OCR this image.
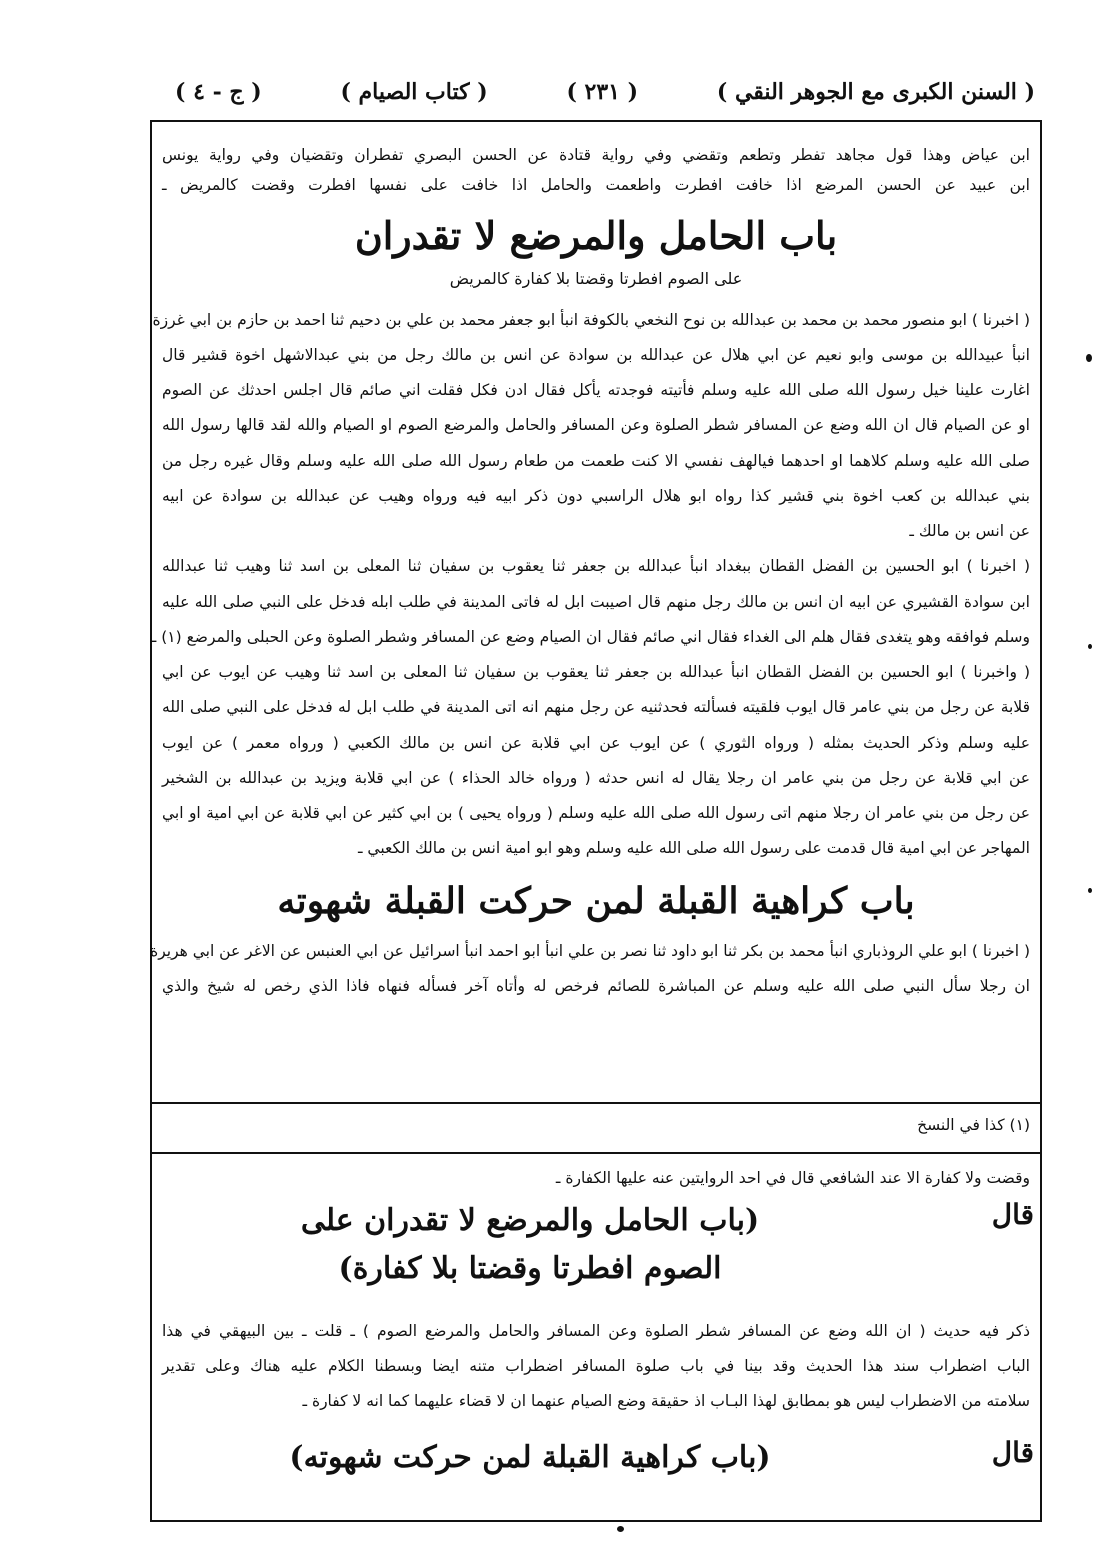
( السنن الكبرى مع الجوهر النقي )
( ٢٣١ )
( كتاب الصيام )
( ج - ٤ )
ابن عياض وهذا قول مجاهد تفطر وتطعم وتقضي وفي رواية قتادة عن الحسن البصري تفطران وتقضيان وفي رواية يونس
ابن عبيد عن الحسن المرضع اذا خافت افطرت واطعمت والحامل اذا خافت على نفسها افطرت وقضت كالمريض ـ
باب الحامل والمرضع لا تقدران
على الصوم افطرتا وقضتا بلا كفارة كالمريض
( اخبرنا ) ابو منصور محمد بن محمد بن عبدالله بن نوح النخعي بالكوفة انبأ ابو جعفر محمد بن علي بن دحيم ثنا احمد بن حازم بن ابي غرزة
انبأ عبيدالله بن موسى وابو نعيم عن ابي هلال عن عبدالله بن سوادة عن انس بن مالك رجل من بني عبدالاشهل اخوة قشير قال
اغارت علينا خيل رسول الله صلى الله عليه وسلم فأتيته فوجدته يأكل فقال ادن فكل فقلت اني صائم قال اجلس احدثك عن الصوم
او عن الصيام قال ان الله وضع عن المسافر شطر الصلوة وعن المسافر والحامل والمرضع الصوم او الصيام والله لقد قالها رسول الله
صلى الله عليه وسلم كلاهما او احدهما فيالهف نفسي الا كنت طعمت من طعام رسول الله صلى الله عليه وسلم وقال غيره رجل من
بني عبدالله بن كعب اخوة بني قشير كذا رواه ابو هلال الراسبي دون ذكر ابيه فيه ورواه وهيب عن عبدالله بن سوادة عن ابيه
عن انس بن مالك ـ
( اخبرنا ) ابو الحسين بن الفضل القطان ببغداد انبأ عبدالله بن جعفر ثنا يعقوب بن سفيان ثنا المعلى بن اسد ثنا وهيب ثنا عبدالله
ابن سوادة القشيري عن ابيه ان انس بن مالك رجل منهم قال اصيبت ابل له فاتى المدينة في طلب ابله فدخل على النبي صلى الله عليه
وسلم فوافقه وهو يتغدى فقال هلم الى الغداء فقال اني صائم فقال ان الصيام وضع عن المسافر وشطر الصلوة وعن الحبلى والمرضع (١) ـ
( واخبرنا ) ابو الحسين بن الفضل القطان انبأ عبدالله بن جعفر ثنا يعقوب بن سفيان ثنا المعلى بن اسد ثنا وهيب عن ايوب عن ابي
قلابة عن رجل من بني عامر قال ايوب فلقيته فسألته فحدثنيه عن رجل منهم انه اتى المدينة في طلب ابل له فدخل على النبي صلى الله
عليه وسلم وذكر الحديث بمثله ( ورواه الثوري ) عن ايوب عن ابي قلابة عن انس بن مالك الكعبي ( ورواه معمر ) عن ايوب
عن ابي قلابة عن رجل من بني عامر ان رجلا يقال له انس حدثه ( ورواه خالد الحذاء ) عن ابي قلابة ويزيد بن عبدالله بن الشخير
عن رجل من بني عامر ان رجلا منهم اتى رسول الله صلى الله عليه وسلم ( ورواه يحيى ) بن ابي كثير عن ابي قلابة عن ابي امية او ابي
المهاجر عن ابي امية قال قدمت على رسول الله صلى الله عليه وسلم وهو ابو امية انس بن مالك الكعبي ـ
باب كراهية القبلة لمن حركت القبلة شهوته
( اخبرنا ) ابو علي الروذباري انبأ محمد بن بكر ثنا ابو داود ثنا نصر بن علي انبأ ابو احمد انبأ اسرائيل عن ابي العنبس عن الاغر عن ابي هريرة
ان رجلا سأل النبي صلى الله عليه وسلم عن المباشرة للصائم فرخص له وأتاه آخر فسأله فنهاه فاذا الذي رخص له شيخ والذي
(١) كذا في النسخ
وقضت ولا كفارة الا عند الشافعي قال في احد الروايتين عنه عليها الكفارة ـ
قال
(باب الحامل والمرضع لا تقدران على
الصوم افطرتا وقضتا بلا كفارة)
ذكر فيه حديث ( ان الله وضع عن المسافر شطر الصلوة وعن المسافر والحامل والمرضع الصوم ) ـ قلت ـ بين البيهقي في هذا
الباب اضطراب سند هذا الحديث وقد بينا في باب صلوة المسافر اضطراب متنه ايضا وبسطنا الكلام عليه هناك وعلى تقدير
سلامته من الاضطراب ليس هو بمطابق لهذا البـاب اذ حقيقة وضع الصيام عنهما ان لا قضاء عليهما كما انه لا كفارة ـ
قال
(باب كراهية القبلة لمن حركت شهوته)
